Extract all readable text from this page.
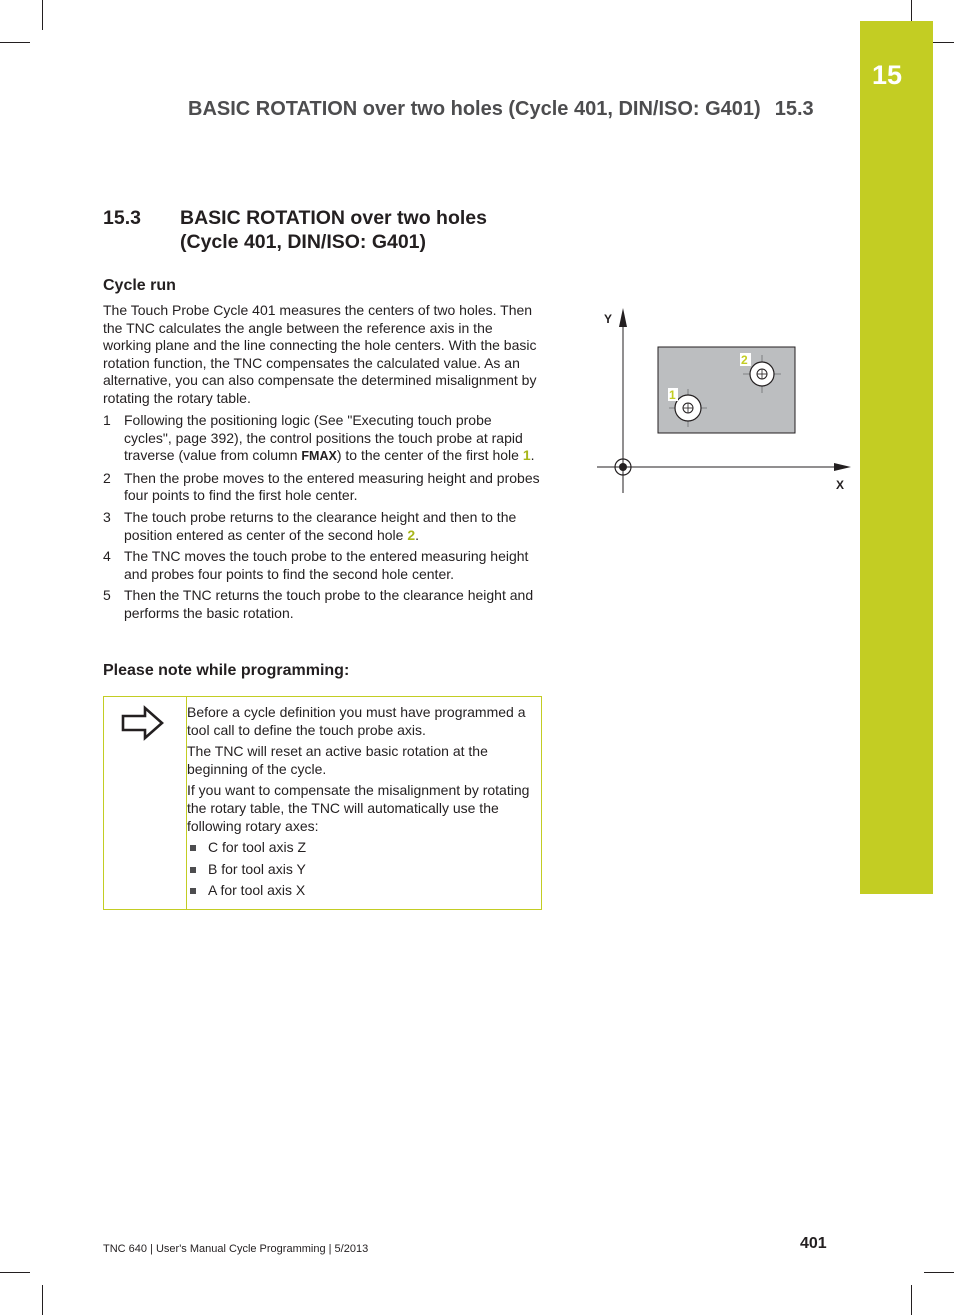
15
BASIC ROTATION over two holes (Cycle 401, DIN/ISO: G401) 15.3
15.3 BASIC ROTATION over two holes
(Cycle 401, DIN/ISO: G401)
Cycle run

The Touch Probe Cycle 401 measures the centers of two holes. Then the TNC calculates the angle between the reference axis in the working plane and the line connecting the hole centers. With the basic rotation function, the TNC compensates the calculated value. As an alternative, you can also compensate the determined misalignment by rotating the rotary table.

1 Following the positioning logic (See "Executing touch probe cycles", page 392), the control positions the touch probe at rapid traverse (value from column FMAX) to the center of the first hole 1.
2 Then the probe moves to the entered measuring height and probes four points to find the first hole center.
3 The touch probe returns to the clearance height and then to the position entered as center of the second hole 2.
4 The TNC moves the touch probe to the entered measuring height and probes four points to find the second hole center.
5 Then the TNC returns the touch probe to the clearance height and performs the basic rotation.
Please note while programming:

Before a cycle definition you must have programmed a tool call to define the touch probe axis.

The TNC will reset an active basic rotation at the beginning of the cycle.

If you want to compensate the misalignment by rotating the rotary table, the TNC will automatically use the following rotary axes:

C for tool axis Z
B for tool axis Y
A for tool axis X
Y
X
1
2
TNC 640 | User's Manual Cycle Programming | 5/2013	401
